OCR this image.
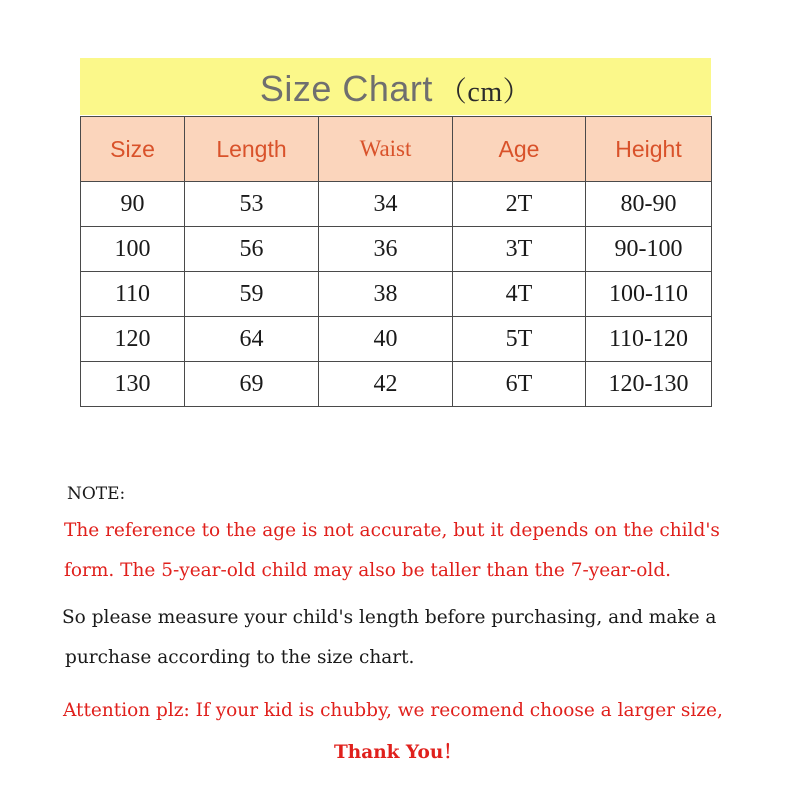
Size Chart （cm）
Size	Length	Waist	Age	Height
90	53	34	2T	80-90
100	56	36	3T	90-100
110	59	38	4T	100-110
120	64	40	5T	110-120
130	69	42	6T	120-130
NOTE:
The reference to the age is not accurate, but it depends on the child's
form. The 5-year-old child may also be taller than the 7-year-old.
So please measure your child's length before purchasing, and make a
purchase according to the size chart.
Attention plz: If your kid is chubby, we recomend choose a larger size,
Thank You！
